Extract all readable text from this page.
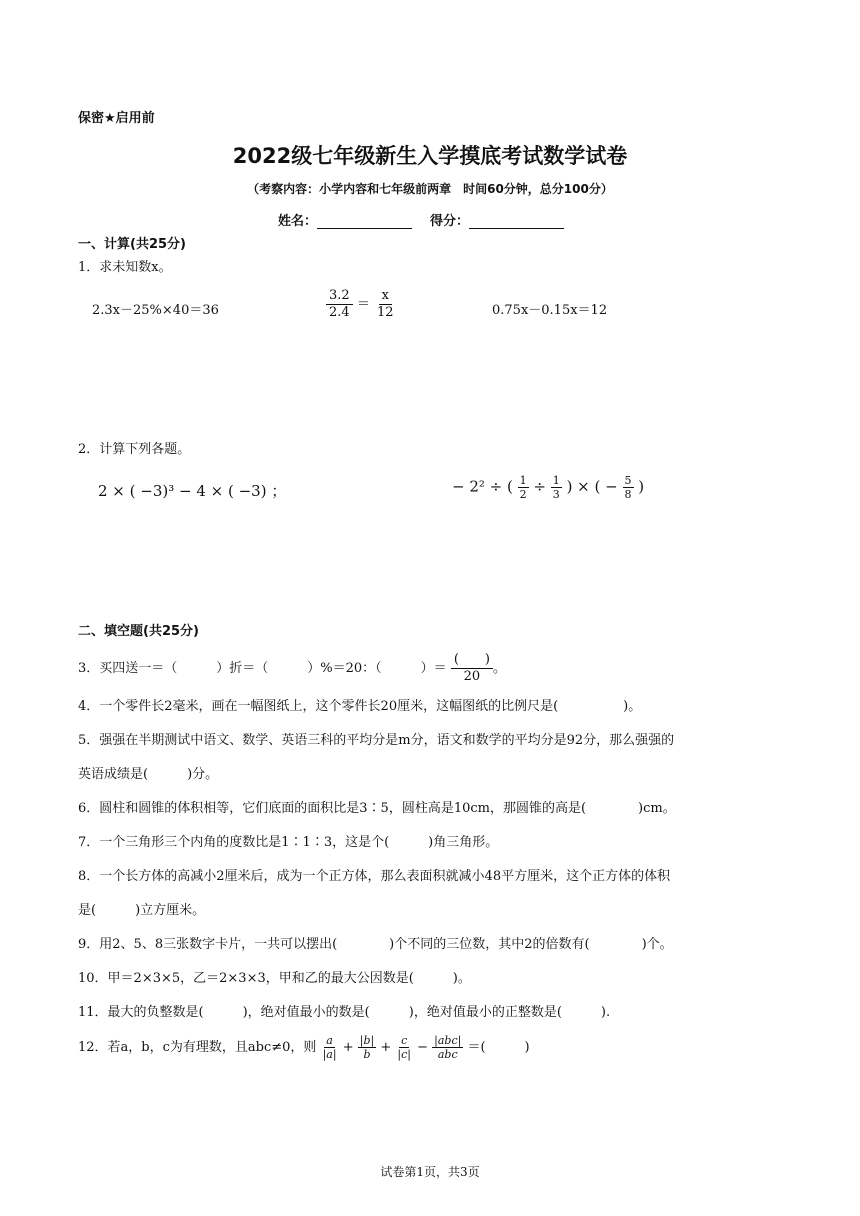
保密★启用前
2022级七年级新生入学摸底考试数学试卷
（考察内容：小学内容和七年级前两章　时间60分钟，总分100分）
姓名：	得分：
一、计算(共25分)
1．求未知数x。
2.3x－25%×40＝36	$\frac{3.2}{2.4} = \frac{x}{12}$	0.75x－0.15x＝12
2．计算下列各题。
2 × ( −3)³ − 4 × ( −3) ；	− 2² ÷ ( $\frac{1}{2} \div \frac{1}{3}$ ) × ( − $\frac{5}{8}$ )
二、填空题(共25分)
3．买四送一＝（　　　）折＝（　　　）%＝20：（　　　）＝ $\frac{( )}{20}$ 。
4．一个零件长2毫米，画在一幅图纸上，这个零件长20厘米，这幅图纸的比例尺是(　　　　　)。
5．强强在半期测试中语文、数学、英语三科的平均分是m分，语文和数学的平均分是92分，那么强强的
英语成绩是(　　　)分。
6．圆柱和圆锥的体积相等，它们底面的面积比是3∶5，圆柱高是10cm，那圆锥的高是(　　　　)cm。
7．一个三角形三个内角的度数比是1∶1∶3，这是个(　　　)角三角形。
8．一个长方体的高减小2厘米后，成为一个正方体，那么表面积就减小48平方厘米，这个正方体的体积
是(　　　)立方厘米。
9．用2、5、8三张数字卡片，一共可以摆出(　　　　)个不同的三位数，其中2的倍数有(　　　　)个。
10．甲＝2×3×5，乙＝2×3×3，甲和乙的最大公因数是(　　　)。
11．最大的负整数是(　　　)，绝对值最小的数是(　　　)，绝对值最小的正整数是(　　　).
12．若a，b，c为有理数，且abc≠0，则 $\frac{a}{|a|} + \frac{|b|}{b} + \frac{c}{|c|} - |abc|$
abc ＝(　　　)
试卷第1页，共3页
